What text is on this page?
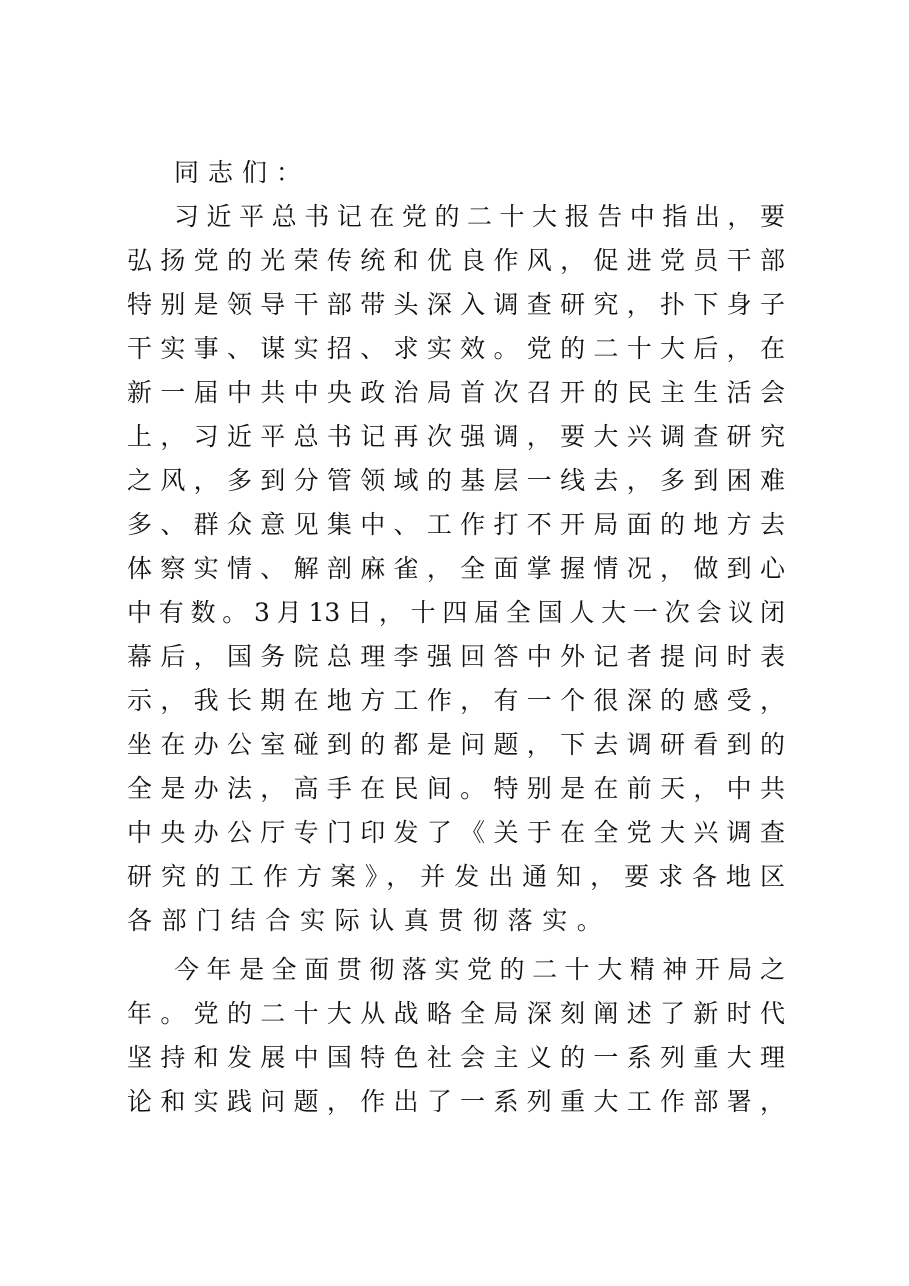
同志们：
习近平总书记在党的二十大报告中指出，要
弘扬党的光荣传统和优良作风，促进党员干部
特别是领导干部带头深入调查研究，扑下身子
干实事、谋实招、求实效。党的二十大后，在
新一届中共中央政治局首次召开的民主生活会
上，习近平总书记再次强调，要大兴调查研究
之风，多到分管领域的基层一线去，多到困难
多、群众意见集中、工作打不开局面的地方去
体察实情、解剖麻雀，全面掌握情况，做到心
中有数。3月13日，十四届全国人大一次会议闭
幕后，国务院总理李强回答中外记者提问时表
示，我长期在地方工作，有一个很深的感受，
坐在办公室碰到的都是问题，下去调研看到的
全是办法，高手在民间。特别是在前天，中共
中央办公厅专门印发了《关于在全党大兴调查
研究的工作方案》，并发出通知，要求各地区
各部门结合实际认真贯彻落实。
今年是全面贯彻落实党的二十大精神开局之
年。党的二十大从战略全局深刻阐述了新时代
坚持和发展中国特色社会主义的一系列重大理
论和实践问题，作出了一系列重大工作部署，
